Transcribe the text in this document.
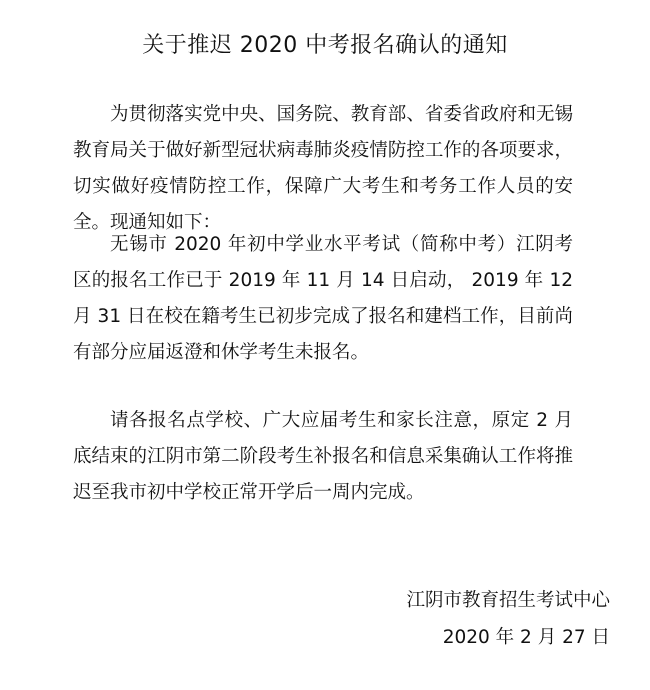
关于推迟 2020 中考报名确认的通知

为贯彻落实党中央、国务院、教育部、省委省政府和无锡教育局关于做好新型冠状病毒肺炎疫情防控工作的各项要求，切实做好疫情防控工作，保障广大考生和考务工作人员的安全。现通知如下：

无锡市 2020 年初中学业水平考试（简称中考）江阴考区的报名工作已于 2019 年 11 月 14 日启动， 2019 年 12 月 31 日在校在籍考生已初步完成了报名和建档工作，目前尚有部分应届返澄和休学考生未报名。

请各报名点学校、广大应届考生和家长注意，原定 2 月底结束的江阴市第二阶段考生补报名和信息采集确认工作将推迟至我市初中学校正常开学后一周内完成。

江阴市教育招生考试中心
2020 年 2 月 27 日
